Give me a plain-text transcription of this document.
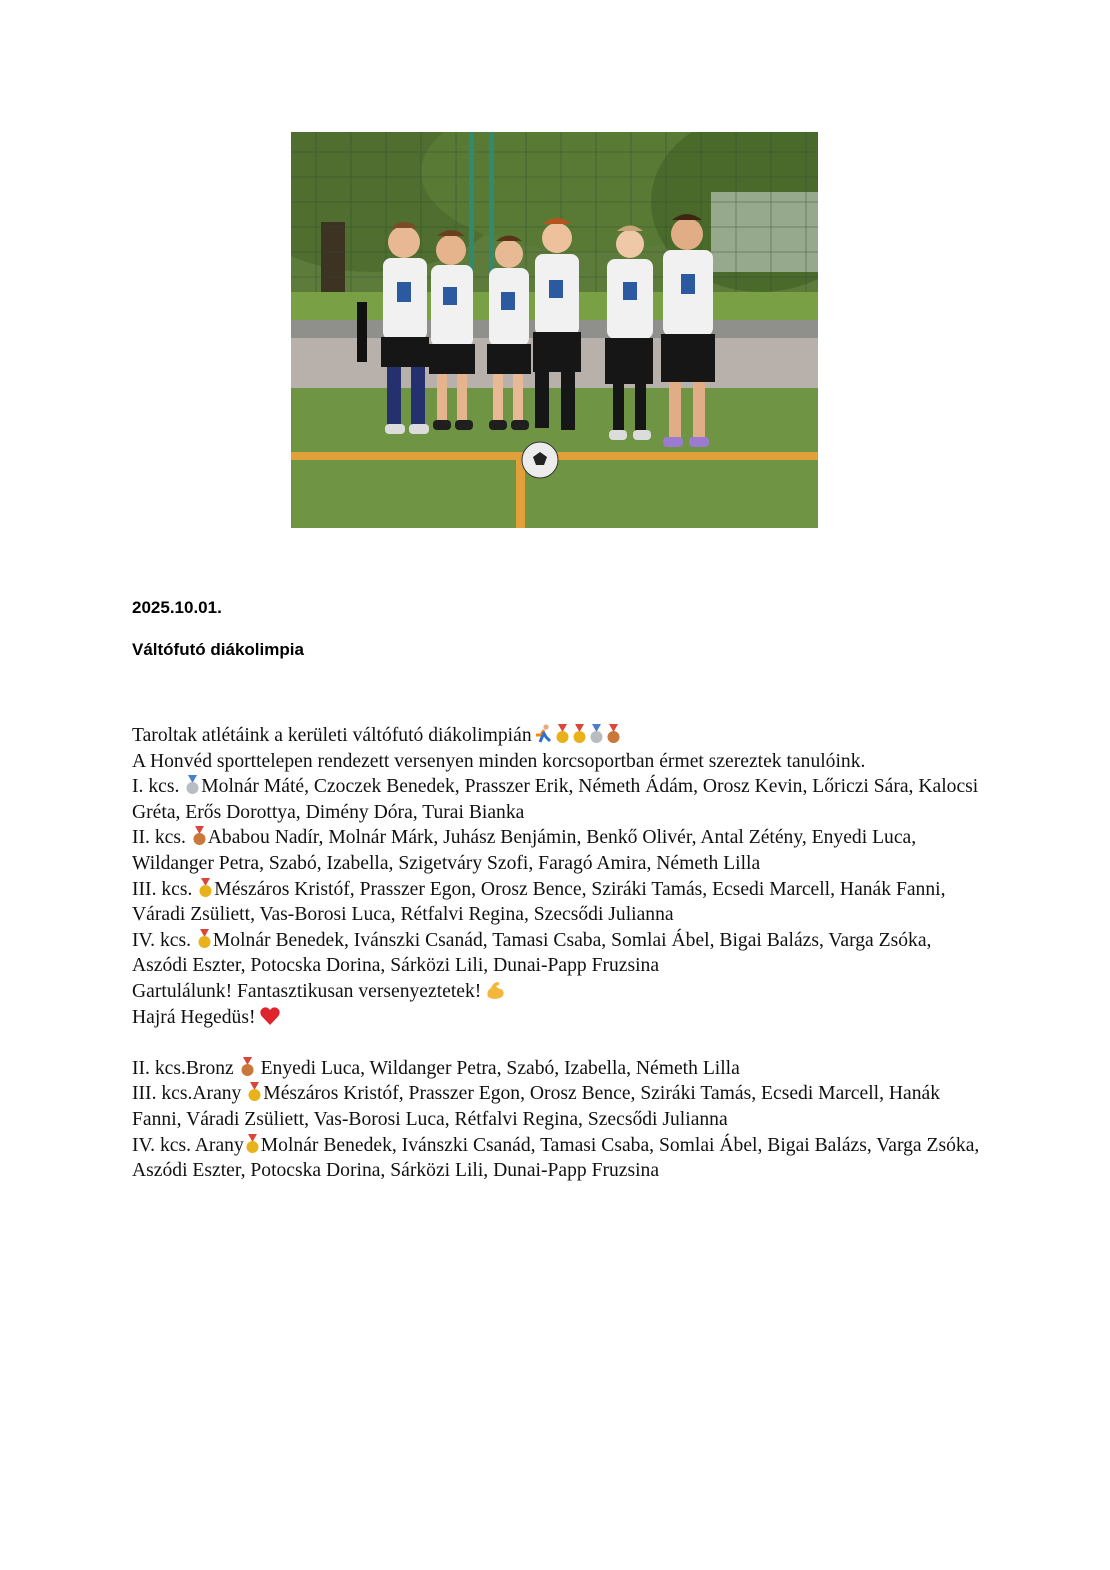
2025.10.01.
Váltófutó diákolimpia

Taroltak atlétáink a kerületi váltófutó diákolimpián

A Honvéd sporttelepen rendezett versenyen minden korcsoportban érmet szereztek tanulóink.

I. kcs. Molnár Máté, Czoczek Benedek, Prasszer Erik, Németh Ádám, Orosz Kevin, Lőriczi Sára, Kalocsi Gréta, Erős Dorottya, Dimény Dóra, Turai Bianka

II. kcs. Ababou Nadír, Molnár Márk, Juhász Benjámin, Benkő Olivér, Antal Zétény, Enyedi Luca, Wildanger Petra, Szabó, Izabella, Szigetváry Szofi, Faragó Amira, Németh Lilla

III. kcs. Mészáros Kristóf, Prasszer Egon, Orosz Bence, Sziráki Tamás, Ecsedi Marcell, Hanák Fanni, Váradi Zsüliett, Vas-Borosi Luca, Rétfalvi Regina, Szecsődi Julianna

IV. kcs. Molnár Benedek, Ivánszki Csanád, Tamasi Csaba, Somlai Ábel, Bigai Balázs, Varga Zsóka, Aszódi Eszter, Potocska Dorina, Sárközi Lili, Dunai-Papp Fruzsina

Gartulálunk! Fantasztikusan versenyeztetek!

Hajrá Hegedüs!

II. kcs.Bronz Enyedi Luca, Wildanger Petra, Szabó, Izabella, Németh Lilla

III. kcs.Arany Mészáros Kristóf, Prasszer Egon, Orosz Bence, Sziráki Tamás, Ecsedi Marcell, Hanák Fanni, Váradi Zsüliett, Vas-Borosi Luca, Rétfalvi Regina, Szecsődi Julianna

IV. kcs. Arany Molnár Benedek, Ivánszki Csanád, Tamasi Csaba, Somlai Ábel, Bigai Balázs, Varga Zsóka, Aszódi Eszter, Potocska Dorina, Sárközi Lili, Dunai-Papp Fruzsina
